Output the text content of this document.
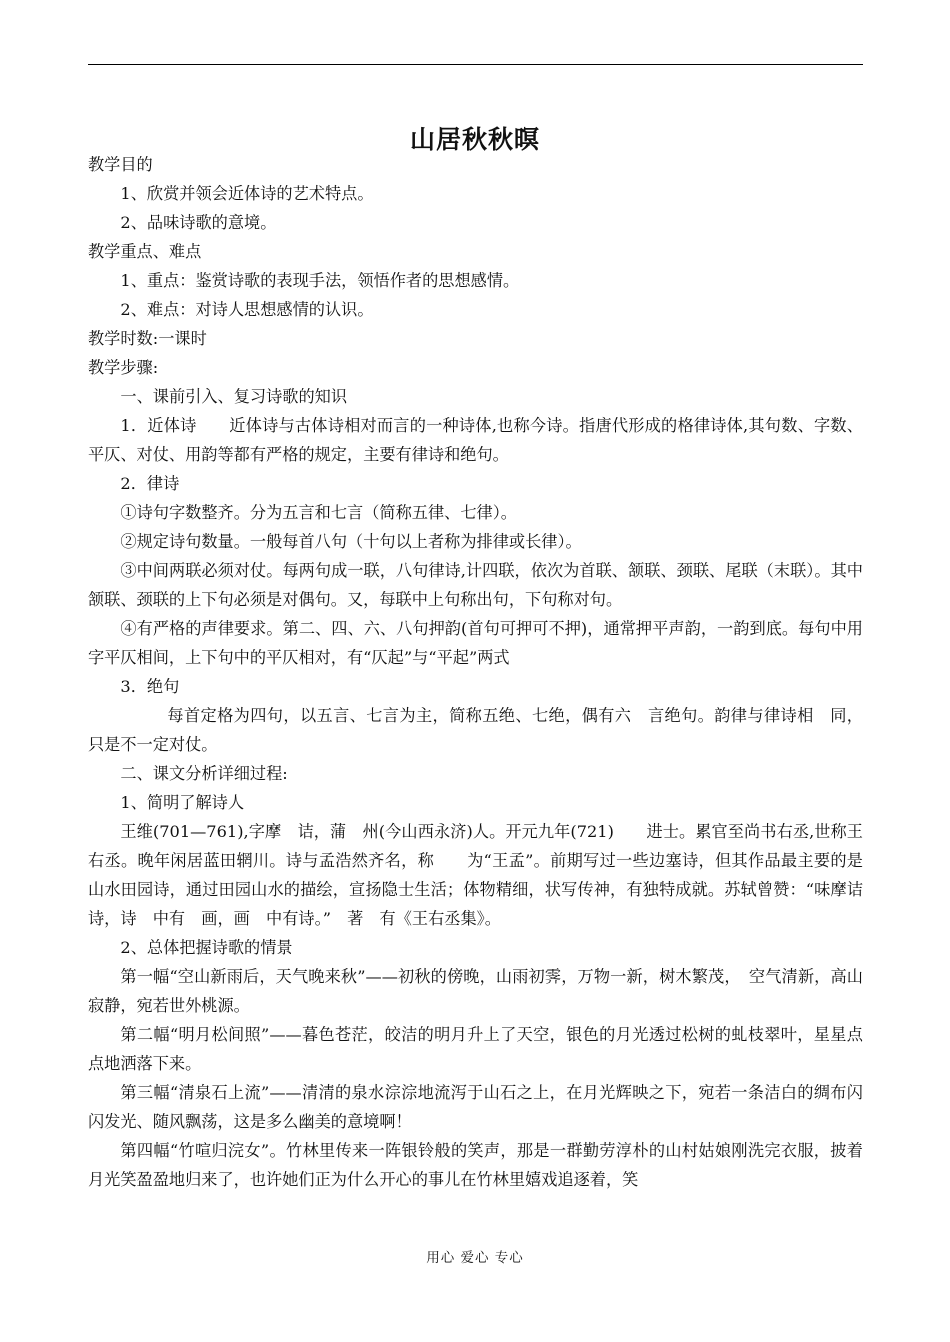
山居秋秋暝

教学目的

1、欣赏并领会近体诗的艺术特点。

2、品味诗歌的意境。

教学重点、难点

1、重点：鉴赏诗歌的表现手法，领悟作者的思想感情。

2、难点：对诗人思想感情的认识。

教学时数:一课时

教学步骤:

一、课前引入、复习诗歌的知识

1．近体诗　　近体诗与古体诗相对而言的一种诗体,也称今诗。指唐代形成的格律诗体,其句数、字数、平仄、对仗、用韵等都有严格的规定，主要有律诗和绝句。

2．律诗

①诗句字数整齐。分为五言和七言（简称五律、七律）。

②规定诗句数量。一般每首八句（十句以上者称为排律或长律）。

③中间两联必须对仗。每两句成一联，八句律诗,计四联，依次为首联、颔联、颈联、尾联（末联）。其中颔联、颈联的上下句必须是对偶句。又，每联中上句称出句，下句称对句。

④有严格的声律要求。第二、四、六、八句押韵(首句可押可不押)，通常押平声韵，一韵到底。每句中用字平仄相间，上下句中的平仄相对，有“仄起”与“平起”两式

3．绝句

每首定格为四句，以五言、七言为主，简称五绝、七绝，偶有六　言绝句。韵律与律诗相　同，只是不一定对仗。

二、课文分析详细过程:

1、简明了解诗人

王维(701—761),字摩　诘，蒲　州(今山西永济)人。开元九年(721)　　进士。累官至尚书右丞,世称王右丞。晚年闲居蓝田辋川。诗与孟浩然齐名，称　　为“王孟”。前期写过一些边塞诗，但其作品最主要的是山水田园诗，通过田园山水的描绘，宣扬隐士生活；体物精细，状写传神，有独特成就。苏轼曾赞：“味摩诘诗，诗　中有　画，画　中有诗。”　著　有《王右丞集》。

2、总体把握诗歌的情景

第一幅“空山新雨后，天气晚来秋”——初秋的傍晚，山雨初霁，万物一新，树木繁茂，　空气清新，高山寂静，宛若世外桃源。

第二幅“明月松间照”——暮色苍茫，皎洁的明月升上了天空，银色的月光透过松树的虬枝翠叶，星星点点地洒落下来。

第三幅“清泉石上流”——清清的泉水淙淙地流泻于山石之上，在月光辉映之下，宛若一条洁白的绸布闪闪发光、随风飘荡，这是多么幽美的意境啊！

第四幅“竹喧归浣女”。竹林里传来一阵银铃般的笑声，那是一群勤劳淳朴的山村姑娘刚洗完衣服，披着月光笑盈盈地归来了，也许她们正为什么开心的事儿在竹林里嬉戏追逐着，笑

用心 爱心 专心
